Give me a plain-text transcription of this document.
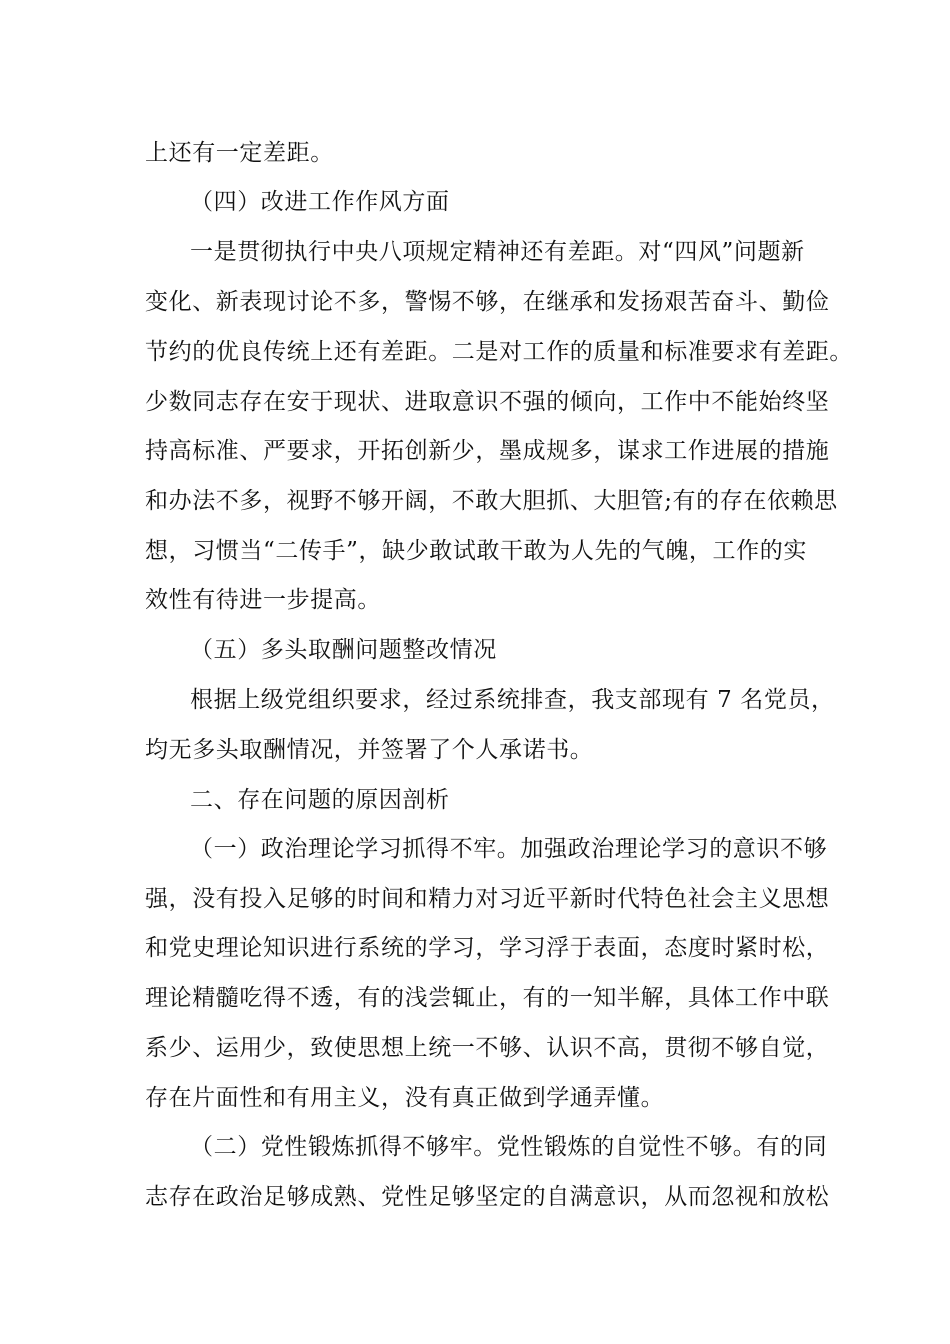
上还有一定差距。
（四）改进工作作风方面
一是贯彻执行中央八项规定精神还有差距。对“四风”问题新
变化、新表现讨论不多，警惕不够，在继承和发扬艰苦奋斗、勤俭
节约的优良传统上还有差距。二是对工作的质量和标准要求有差距。
少数同志存在安于现状、进取意识不强的倾向，工作中不能始终坚
持高标准、严要求，开拓创新少，墨成规多，谋求工作进展的措施
和办法不多，视野不够开阔，不敢大胆抓、大胆管;有的存在依赖思
想，习惯当“二传手”，缺少敢试敢干敢为人先的气魄，工作的实
效性有待进一步提高。
（五）多头取酬问题整改情况
根据上级党组织要求，经过系统排查，我支部现有 7 名党员，
均无多头取酬情况，并签署了个人承诺书。
二、存在问题的原因剖析
（一）政治理论学习抓得不牢。加强政治理论学习的意识不够
强，没有投入足够的时间和精力对习近平新时代特色社会主义思想
和党史理论知识进行系统的学习，学习浮于表面，态度时紧时松，
理论精髓吃得不透，有的浅尝辄止，有的一知半解，具体工作中联
系少、运用少，致使思想上统一不够、认识不高，贯彻不够自觉，
存在片面性和有用主义，没有真正做到学通弄懂。
（二）党性锻炼抓得不够牢。党性锻炼的自觉性不够。有的同
志存在政治足够成熟、党性足够坚定的自满意识，从而忽视和放松
